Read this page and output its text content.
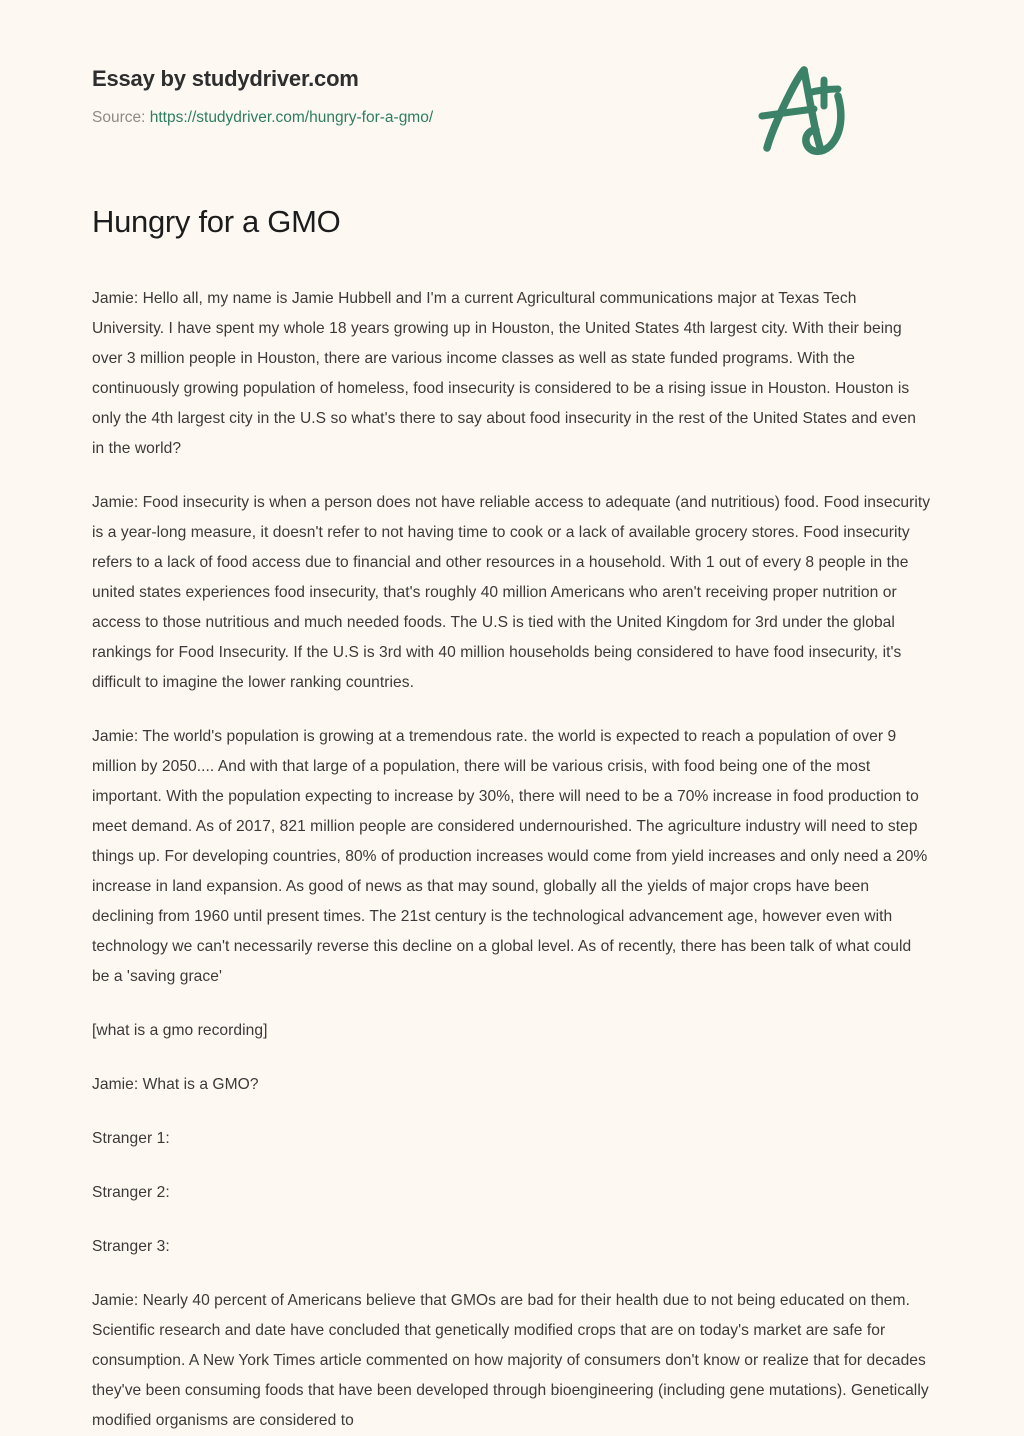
Essay by studydriver.com
Source: https://studydriver.com/hungry-for-a-gmo/
Hungry for a GMO

Jamie: Hello all, my name is Jamie Hubbell and I'm a current Agricultural communications major at Texas Tech University. I have spent my whole 18 years growing up in Houston, the United States 4th largest city. With their being over 3 million people in Houston, there are various income classes as well as state funded programs. With the continuously growing population of homeless, food insecurity is considered to be a rising issue in Houston. Houston is only the 4th largest city in the U.S so what's there to say about food insecurity in the rest of the United States and even in the world?

Jamie: Food insecurity is when a person does not have reliable access to adequate (and nutritious) food. Food insecurity is a year-long measure, it doesn't refer to not having time to cook or a lack of available grocery stores. Food insecurity refers to a lack of food access due to financial and other resources in a household. With 1 out of every 8 people in the united states experiences food insecurity, that's roughly 40 million Americans who aren't receiving proper nutrition or access to those nutritious and much needed foods. The U.S is tied with the United Kingdom for 3rd under the global rankings for Food Insecurity. If the U.S is 3rd with 40 million households being considered to have food insecurity, it's difficult to imagine the lower ranking countries.

Jamie: The world's population is growing at a tremendous rate. the world is expected to reach a population of over 9 million by 2050.... And with that large of a population, there will be various crisis, with food being one of the most important. With the population expecting to increase by 30%, there will need to be a 70% increase in food production to meet demand. As of 2017, 821 million people are considered undernourished. The agriculture industry will need to step things up. For developing countries, 80% of production increases would come from yield increases and only need a 20% increase in land expansion. As good of news as that may sound, globally all the yields of major crops have been declining from 1960 until present times. The 21st century is the technological advancement age, however even with technology we can't necessarily reverse this decline on a global level. As of recently, there has been talk of what could be a 'saving grace'

[what is a gmo recording]

Jamie: What is a GMO?

Stranger 1:

Stranger 2:

Stranger 3:

Jamie: Nearly 40 percent of Americans believe that GMOs are bad for their health due to not being educated on them. Scientific research and date have concluded that genetically modified crops that are on today's market are safe for consumption. A New York Times article commented on how majority of consumers don't know or realize that for decades they've been consuming foods that have been developed through bioengineering (including gene mutations). Genetically modified organisms are considered to
